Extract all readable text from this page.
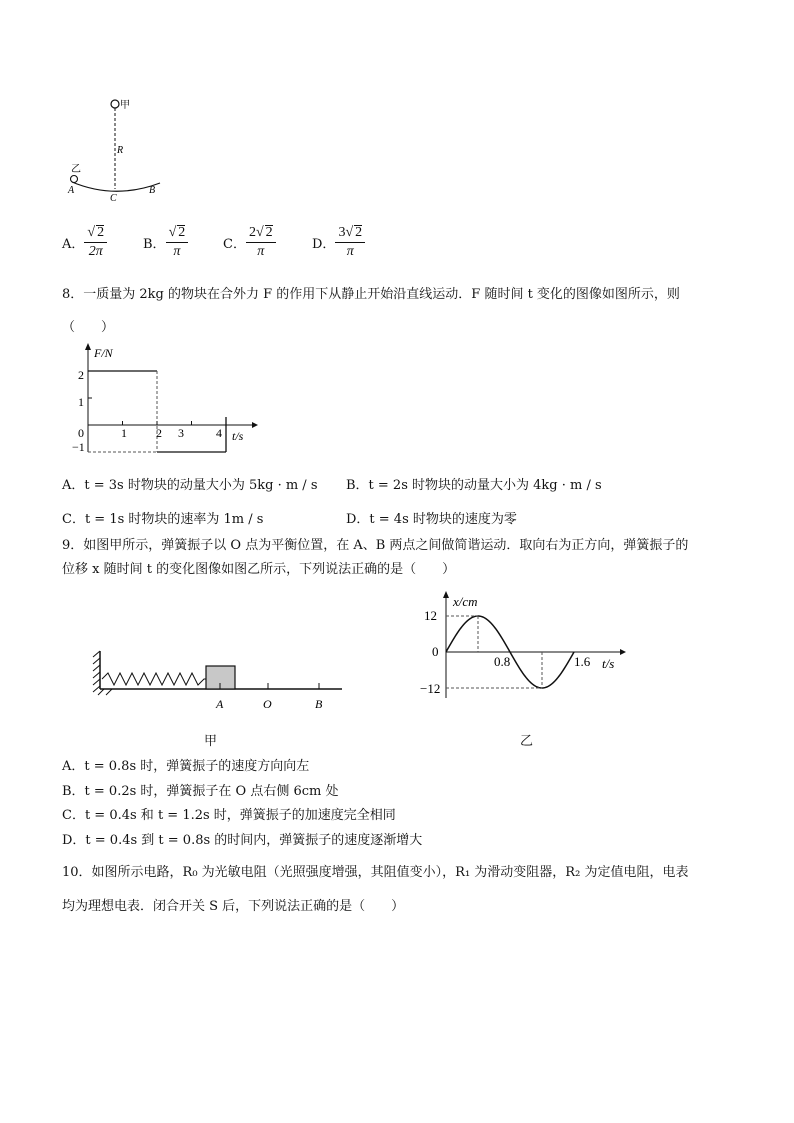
甲
R
乙
A
C
B
A． $\frac{√ 2}{2\pi}$	B． $\frac{√ 2}{\pi}$	C． $\frac{2√ 2}{\pi}$	D． $\frac{3√ 2}{\pi}$
8．一质量为 2kg 的物块在合外力 F 的作用下从静止开始沿直线运动．F 随时间 t 变化的图像如图所示，则
（　　）
F/N
t/s
2
1
0
−1
1 2 3	4
A．t = 3s 时物块的动量大小为 5kg · m / s B．t = 2s 时物块的动量大小为 4kg · m / s
C．t = 1s 时物块的速率为 1m / s	D．t = 4s 时物块的速度为零
9．如图甲所示，弹簧振子以 O 点为平衡位置，在 A、B 两点之间做简谐运动．取向右为正方向，弹簧振子的
位移 x 随时间 t 的变化图像如图乙所示，下列说法正确的是（　　）
A	O	B
甲
x/cm
t/s
12
0
−12
0.8	1.6
乙
A．t = 0.8s 时，弹簧振子的速度方向向左
B．t = 0.2s 时，弹簧振子在 O 点右侧 6cm 处
C．t = 0.4s 和 t = 1.2s 时，弹簧振子的加速度完全相同
D．t = 0.4s 到 t = 0.8s 的时间内，弹簧振子的速度逐渐增大
10．如图所示电路，R₀ 为光敏电阻（光照强度增强，其阻值变小），R₁ 为滑动变阻器，R₂ 为定值电阻，电表
均为理想电表．闭合开关 S 后，下列说法正确的是（　　）
